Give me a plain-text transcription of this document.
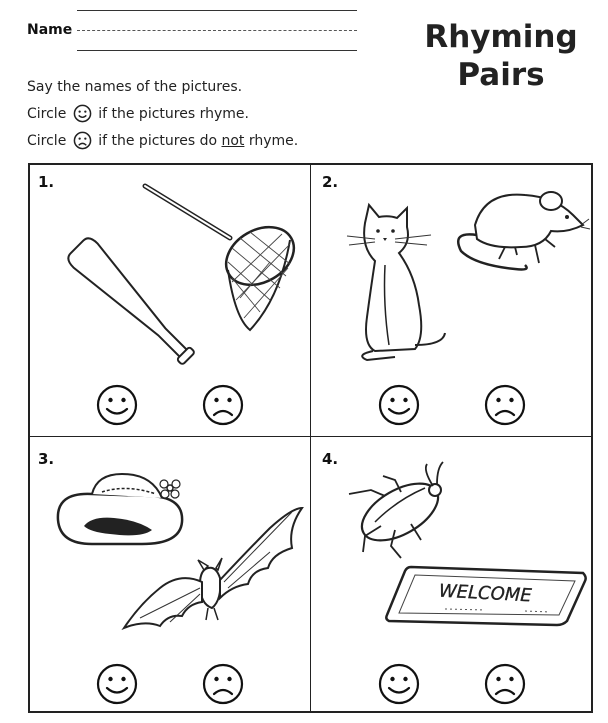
Name	Rhyming
Pairs
Say the names of the pictures.
Circle if the pictures rhyme.
Circle if the pictures do not rhyme.
1.	2.
3.	4.
WELCOME
